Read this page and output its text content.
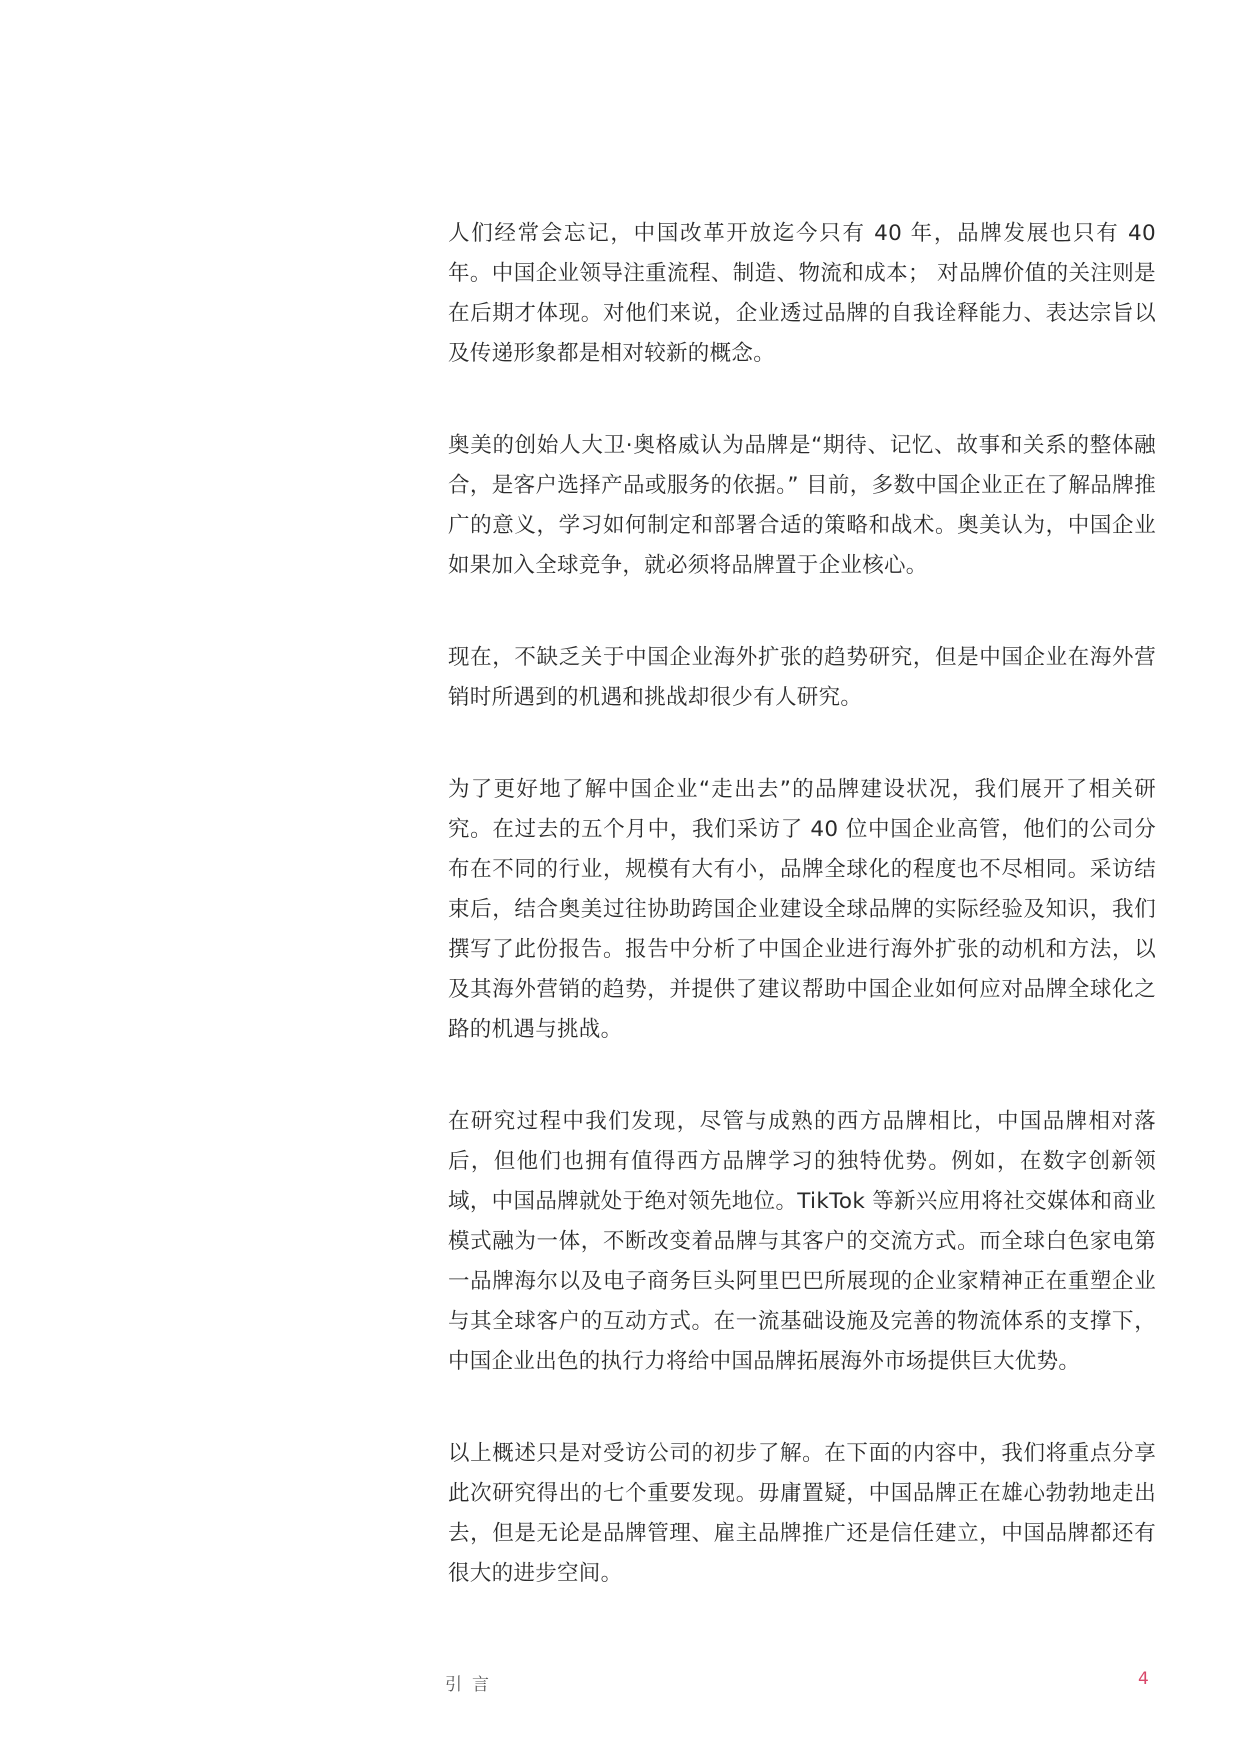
人们经常会忘记，中国改革开放迄今只有 40 年，品牌发展也只有 40 年。中国企业领导注重流程、制造、物流和成本； 对品牌价值的关注则是在后期才体现。对他们来说，企业透过品牌的自我诠释能力、表达宗旨以及传递形象都是相对较新的概念。

奥美的创始人大卫·奥格威认为品牌是“期待、记忆、故事和关系的整体融合，是客户选择产品或服务的依据。” 目前，多数中国企业正在了解品牌推广的意义，学习如何制定和部署合适的策略和战术。奥美认为，中国企业如果加入全球竞争，就必须将品牌置于企业核心。

现在，不缺乏关于中国企业海外扩张的趋势研究，但是中国企业在海外营销时所遇到的机遇和挑战却很少有人研究。

为了更好地了解中国企业“走出去”的品牌建设状况，我们展开了相关研究。在过去的五个月中，我们采访了 40 位中国企业高管，他们的公司分布在不同的行业，规模有大有小，品牌全球化的程度也不尽相同。采访结束后，结合奥美过往协助跨国企业建设全球品牌的实际经验及知识，我们撰写了此份报告。报告中分析了中国企业进行海外扩张的动机和方法，以及其海外营销的趋势，并提供了建议帮助中国企业如何应对品牌全球化之路的机遇与挑战。

在研究过程中我们发现，尽管与成熟的西方品牌相比，中国品牌相对落后，但他们也拥有值得西方品牌学习的独特优势。例如，在数字创新领域，中国品牌就处于绝对领先地位。TikTok 等新兴应用将社交媒体和商业模式融为一体，不断改变着品牌与其客户的交流方式。而全球白色家电第一品牌海尔以及电子商务巨头阿里巴巴所展现的企业家精神正在重塑企业与其全球客户的互动方式。在一流基础设施及完善的物流体系的支撑下，中国企业出色的执行力将给中国品牌拓展海外市场提供巨大优势。

以上概述只是对受访公司的初步了解。在下面的内容中，我们将重点分享此次研究得出的七个重要发现。毋庸置疑，中国品牌正在雄心勃勃地走出去，但是无论是品牌管理、雇主品牌推广还是信任建立，中国品牌都还有很大的进步空间。

引言	4
